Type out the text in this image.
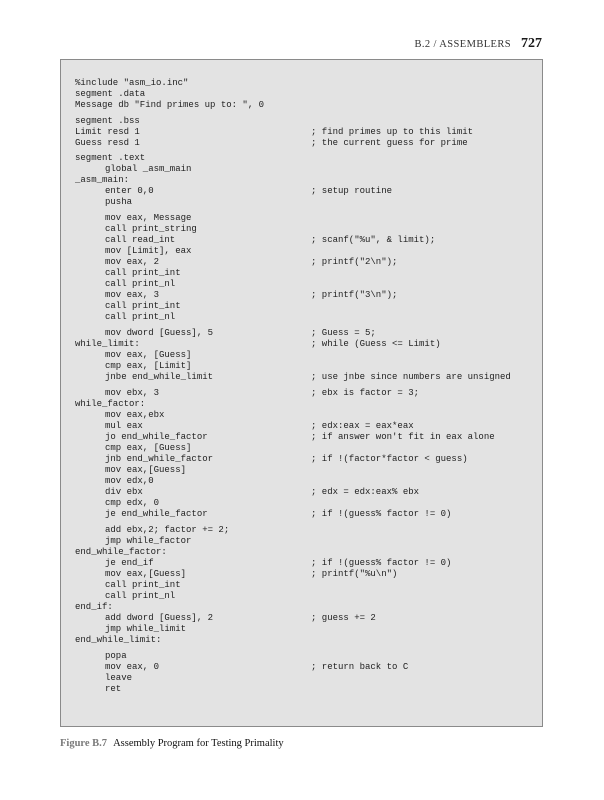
B.2 / ASSEMBLERS 727
%include "asm_io.inc"
segment .data
Message db "Find primes up to: ", 0
segment .bss
Limit resd 1	; find primes up to this limit
Guess resd 1	; the current guess for prime
segment .text
global _asm_main
_asm_main:
enter 0,0	; setup routine
pusha
mov eax, Message
call print_string
call read_int	; scanf("%u", & limit);
mov [Limit], eax
mov eax, 2	; printf("2\n");
call print_int
call print_nl
mov eax, 3	; printf("3\n");
call print_int
call print_nl
mov dword [Guess], 5	; Guess = 5;
while_limit:	; while (Guess <= Limit)
mov eax, [Guess]
cmp eax, [Limit]
jnbe end_while_limit	; use jnbe since numbers are unsigned
mov ebx, 3	; ebx is factor = 3;
while_factor:
mov eax,ebx
mul eax	; edx:eax = eax*eax
jo end_while_factor	; if answer won't fit in eax alone
cmp eax, [Guess]
jnb end_while_factor	; if !(factor*factor < guess)
mov eax,[Guess]
mov edx,0
div ebx	; edx = edx:eax% ebx
cmp edx, 0
je end_while_factor	; if !(guess% factor != 0)
add ebx,2; factor += 2;
jmp while_factor
end_while_factor:
je end_if	; if !(guess% factor != 0)
mov eax,[Guess]	; printf("%u\n")
call print_int
call print_nl
end_if:
add dword [Guess], 2	; guess += 2
jmp while_limit
end_while_limit:
popa
mov eax, 0	; return back to C
leave
ret
Figure B.7 Assembly Program for Testing Primality
